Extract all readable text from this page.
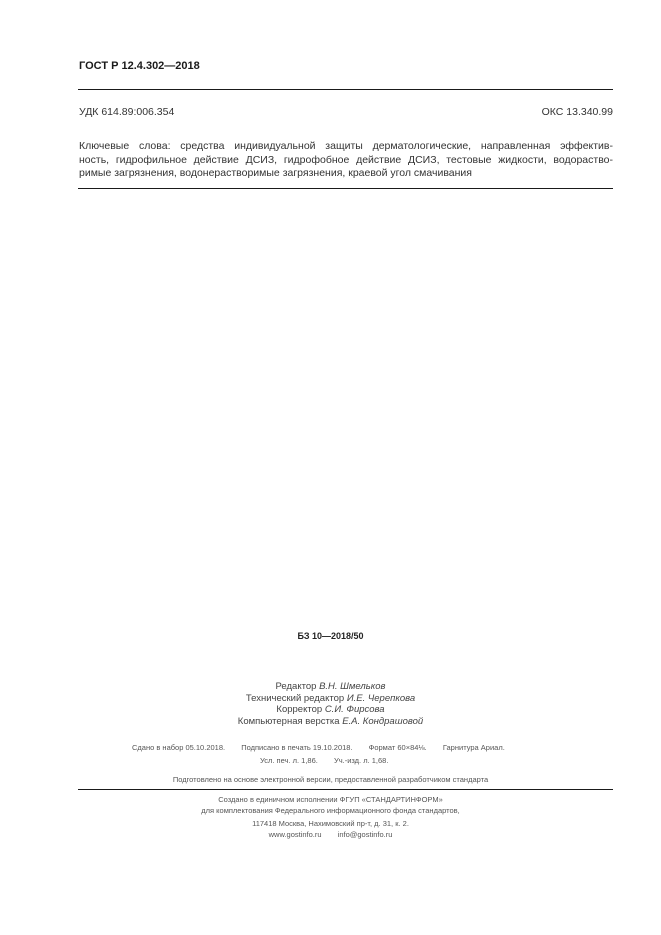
ГОСТ Р 12.4.302—2018
УДК 614.89:006.354	ОКС 13.340.99
Ключевые слова: средства индивидуальной защиты дерматологические, направленная эффектив-
ность, гидрофильное действие ДСИЗ, гидрофобное действие ДСИЗ, тестовые жидкости, водораство-
римые загрязнения, водонерастворимые загрязнения, краевой угол смачивания
БЗ 10—2018/50
Редактор В.Н. Шмельков
Технический редактор И.Е. Черепкова
Корректор С.И. Фирсова
Компьютерная верстка Е.А. Кондрашовой
Сдано в набор 05.10.2018. Подписано в печать 19.10.2018. Формат 60×84⅛. Гарнитура Ариал.
Усл. печ. л. 1,86. Уч.-изд. л. 1,68.
Подготовлено на основе электронной версии, предоставленной разработчиком стандарта
Создано в единичном исполнении ФГУП «СТАНДАРТИНФОРМ»
для комплектования Федерального информационного фонда стандартов,
117418 Москва, Нахимовский пр-т, д. 31, к. 2.
www.gostinfo.ru info@gostinfo.ru
